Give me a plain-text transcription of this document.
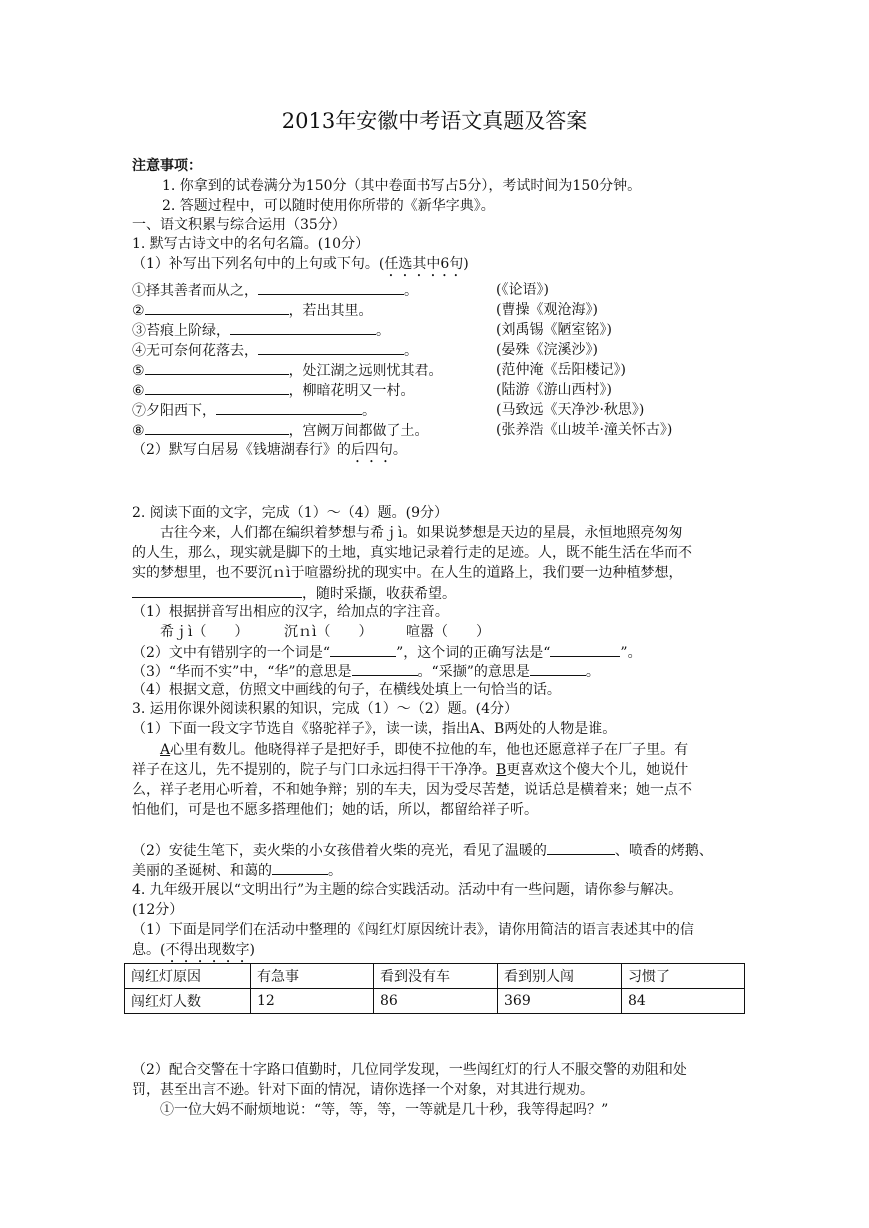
2013年安徽中考语文真题及答案
注意事项：
1. 你拿到的试卷满分为150分（其中卷面书写占5分），考试时间为150分钟。
2. 答题过程中，可以随时使用你所带的《新华字典》。
一、语文积累与综合运用（35分）
1. 默写古诗文中的名句名篇。(10分）
（1）补写出下列名句中的上句或下句。(任选其中6句)
①择其善者而从之，	。	(《论语》)
②	，若出其里。	(曹操《观沧海》)
③苔痕上阶绿，	。	(刘禹锡《陋室铭》)
④无可奈何花落去，	。	(晏殊《浣溪沙》)
⑤	，处江湖之远则忧其君。	(范仲淹《岳阳楼记》)
⑥	，柳暗花明又一村。	(陆游《游山西村》)
⑦夕阳西下，	。	(马致远《天净沙·秋思》)
⑧	，宫阙万间都做了土。	(张养浩《山坡羊·潼关怀古》)
（2）默写白居易《钱塘湖春行》的后四句。
2. 阅读下面的文字，完成（1）～（4）题。(9分）
古往今来，人们都在编织着梦想与希ｊì。如果说梦想是天边的星晨，永恒地照亮匆匆
的人生，那么，现实就是脚下的土地，真实地记录着行走的足迹。人，既不能生活在华而不
实的梦想里，也不要沉ｎì于喧嚣纷扰的现实中。在人生的道路上，我们要一边种植梦想，
，随时采撷，收获希望。
（1）根据拼音写出相应的汉字，给加点的字注音。
希ｊì（　　）	沉ｎì（　　） 喧嚣（　　）
（2）文中有错别字的一个词是“	”，这个词的正确写法是“	”。
（3）“华而不实”中，“华”的意思是	。“采撷”的意思是	。
（4）根据文意，仿照文中画线的句子，在横线处填上一句恰当的话。
3. 运用你课外阅读积累的知识，完成（1）～（2）题。(4分）
（1）下面一段文字节选自《骆驼祥子》，读一读，指出A、B两处的人物是谁。
A心里有数儿。他晓得祥子是把好手，即使不拉他的车，他也还愿意祥子在厂子里。有
祥子在这儿，先不提别的，院子与门口永远扫得干干净净。B更喜欢这个傻大个儿，她说什
么，祥子老用心听着，不和她争辩；别的车夫，因为受尽苦楚，说话总是横着来；她一点不
怕他们，可是也不愿多搭理他们；她的话，所以，都留给祥子听。
（2）安徒生笔下，卖火柴的小女孩借着火柴的亮光，看见了温暖的	、喷香的烤鹅、
美丽的圣诞树、和蔼的	。
4. 九年级开展以“文明出行”为主题的综合实践活动。活动中有一些问题，请你参与解决。
(12分）
（1）下面是同学们在活动中整理的《闯红灯原因统计表》，请你用简洁的语言表述其中的信
息。(不得出现数字)
闯红灯原因	有急事	看到没有车	看到别人闯	习惯了
闯红灯人数	12	86	369	84
（2）配合交警在十字路口值勤时，几位同学发现，一些闯红灯的行人不服交警的劝阻和处
罚，甚至出言不逊。针对下面的情况，请你选择一个对象，对其进行规劝。
①一位大妈不耐烦地说：“等，等，等，一等就是几十秒，我等得起吗？”
